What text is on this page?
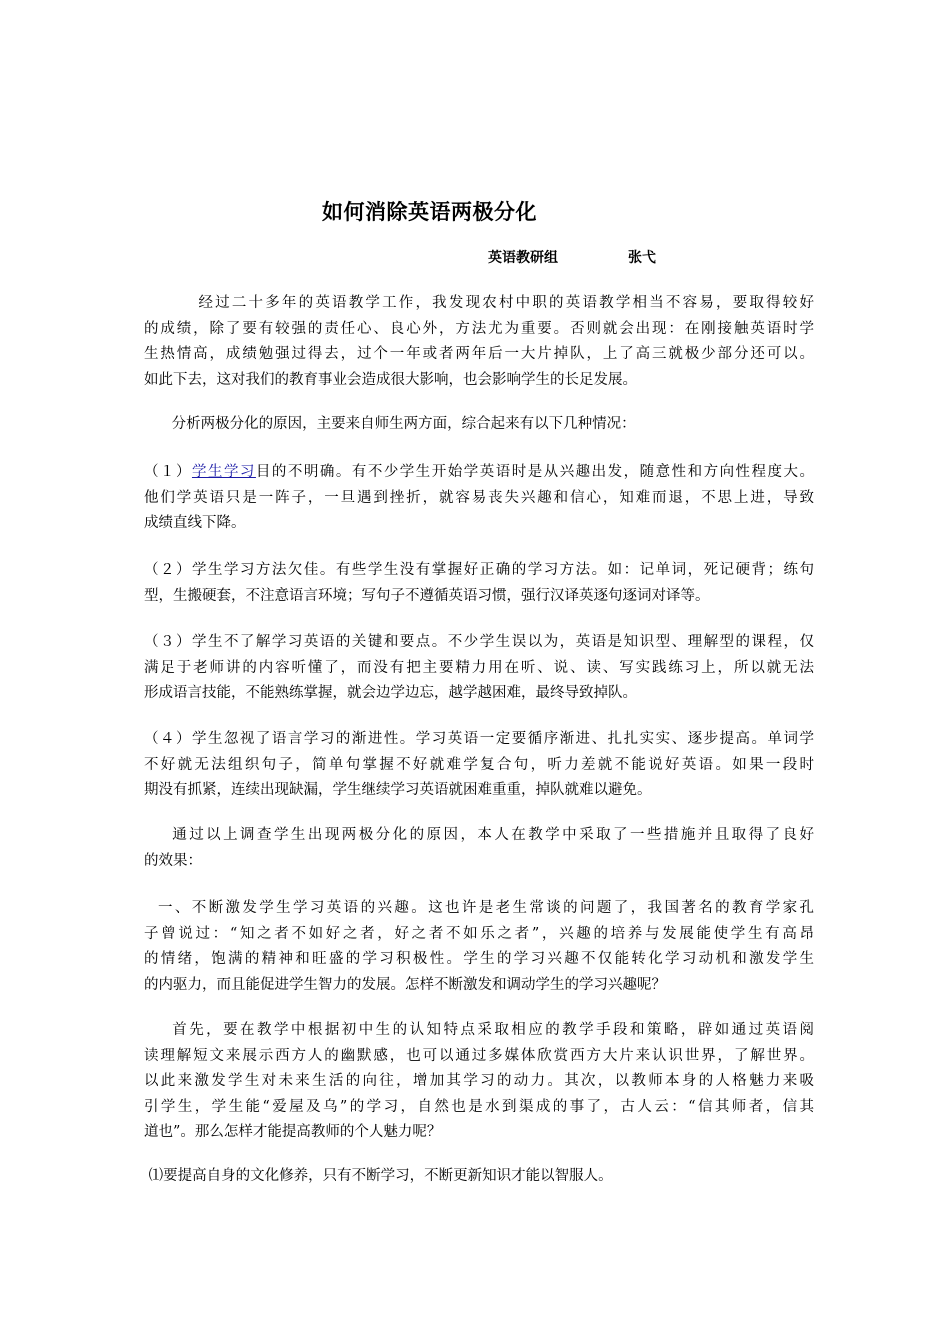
如何消除英语两极分化
英语教研组	张弋
经过二十多年的英语教学工作，我发现农村中职的英语教学相当不容易，要取得较好
的成绩，除了要有较强的责任心、良心外，方法尤为重要。否则就会出现：在刚接触英语时学
生热情高，成绩勉强过得去，过个一年或者两年后一大片掉队，上了高三就极少部分还可以。
如此下去，这对我们的教育事业会造成很大影响，也会影响学生的长足发展。
分析两极分化的原因，主要来自师生两方面，综合起来有以下几种情况：
（１）学生学习目的不明确。有不少学生开始学英语时是从兴趣出发，随意性和方向性程度大。
他们学英语只是一阵子，一旦遇到挫折，就容易丧失兴趣和信心，知难而退，不思上进，导致
成绩直线下降。
（２）学生学习方法欠佳。有些学生没有掌握好正确的学习方法。如：记单词，死记硬背；练句
型，生搬硬套，不注意语言环境；写句子不遵循英语习惯，强行汉译英逐句逐词对译等。
（３）学生不了解学习英语的关键和要点。不少学生误以为，英语是知识型、理解型的课程，仅
满足于老师讲的内容听懂了，而没有把主要精力用在听、说、读、写实践练习上，所以就无法
形成语言技能，不能熟练掌握，就会边学边忘，越学越困难，最终导致掉队。
（４）学生忽视了语言学习的渐进性。学习英语一定要循序渐进、扎扎实实、逐步提高。单词学
不好就无法组织句子，简单句掌握不好就难学复合句，听力差就不能说好英语。如果一段时
期没有抓紧，连续出现缺漏，学生继续学习英语就困难重重，掉队就难以避免。
通过以上调查学生出现两极分化的原因，本人在教学中采取了一些措施并且取得了良好
的效果：
一、不断激发学生学习英语的兴趣。这也许是老生常谈的问题了，我国著名的教育学家孔
子曾说过：“知之者不如好之者，好之者不如乐之者”，兴趣的培养与发展能使学生有高昂
的情绪，饱满的精神和旺盛的学习积极性。学生的学习兴趣不仅能转化学习动机和激发学生
的内驱力，而且能促进学生智力的发展。怎样不断激发和调动学生的学习兴趣呢？
首先，要在教学中根据初中生的认知特点采取相应的教学手段和策略，辟如通过英语阅
读理解短文来展示西方人的幽默感，也可以通过多媒体欣赏西方大片来认识世界，了解世界。
以此来激发学生对未来生活的向往，增加其学习的动力。其次，以教师本身的人格魅力来吸
引学生，学生能“爱屋及乌”的学习，自然也是水到渠成的事了，古人云：“信其师者，信其
道也”。那么怎样才能提高教师的个人魅力呢？
⑴要提高自身的文化修养，只有不断学习，不断更新知识才能以智服人。
